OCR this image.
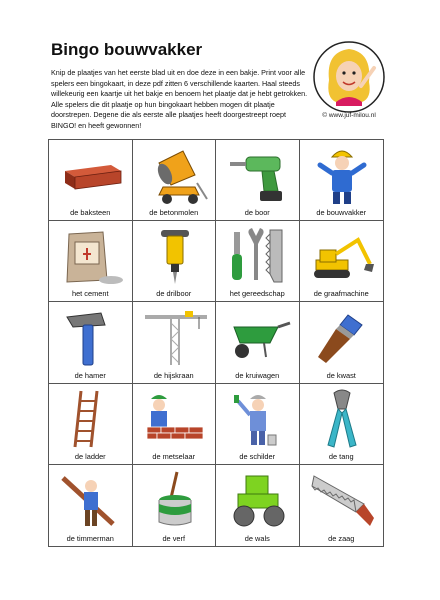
Bingo bouwvakker

Knip de plaatjes van het eerste blad uit en doe deze in een bakje. Print voor alle spelers een bingokaart, in deze pdf zitten 6 verschillende kaarten. Haal steeds willekeurig een kaartje uit het bakje en benoem het plaatje dat je hebt getrokken. Alle spelers die dit plaatje op hun bingokaart hebben mogen dit plaatje doorstrepen. Degene die als eerste alle plaatjes heeft doorgestreept roept BINGO! en heeft gewonnen!

© www.juf-milou.nl
de baksteen	de betonmolen	de boor	de bouwvakker
het cement	de drilboor	het gereedschap	de graafmachine
de hamer	de hijskraan	de kruiwagen	de kwast
de ladder	de metselaar	de schilder	de tang
de timmerman	de verf	de wals	de zaag
